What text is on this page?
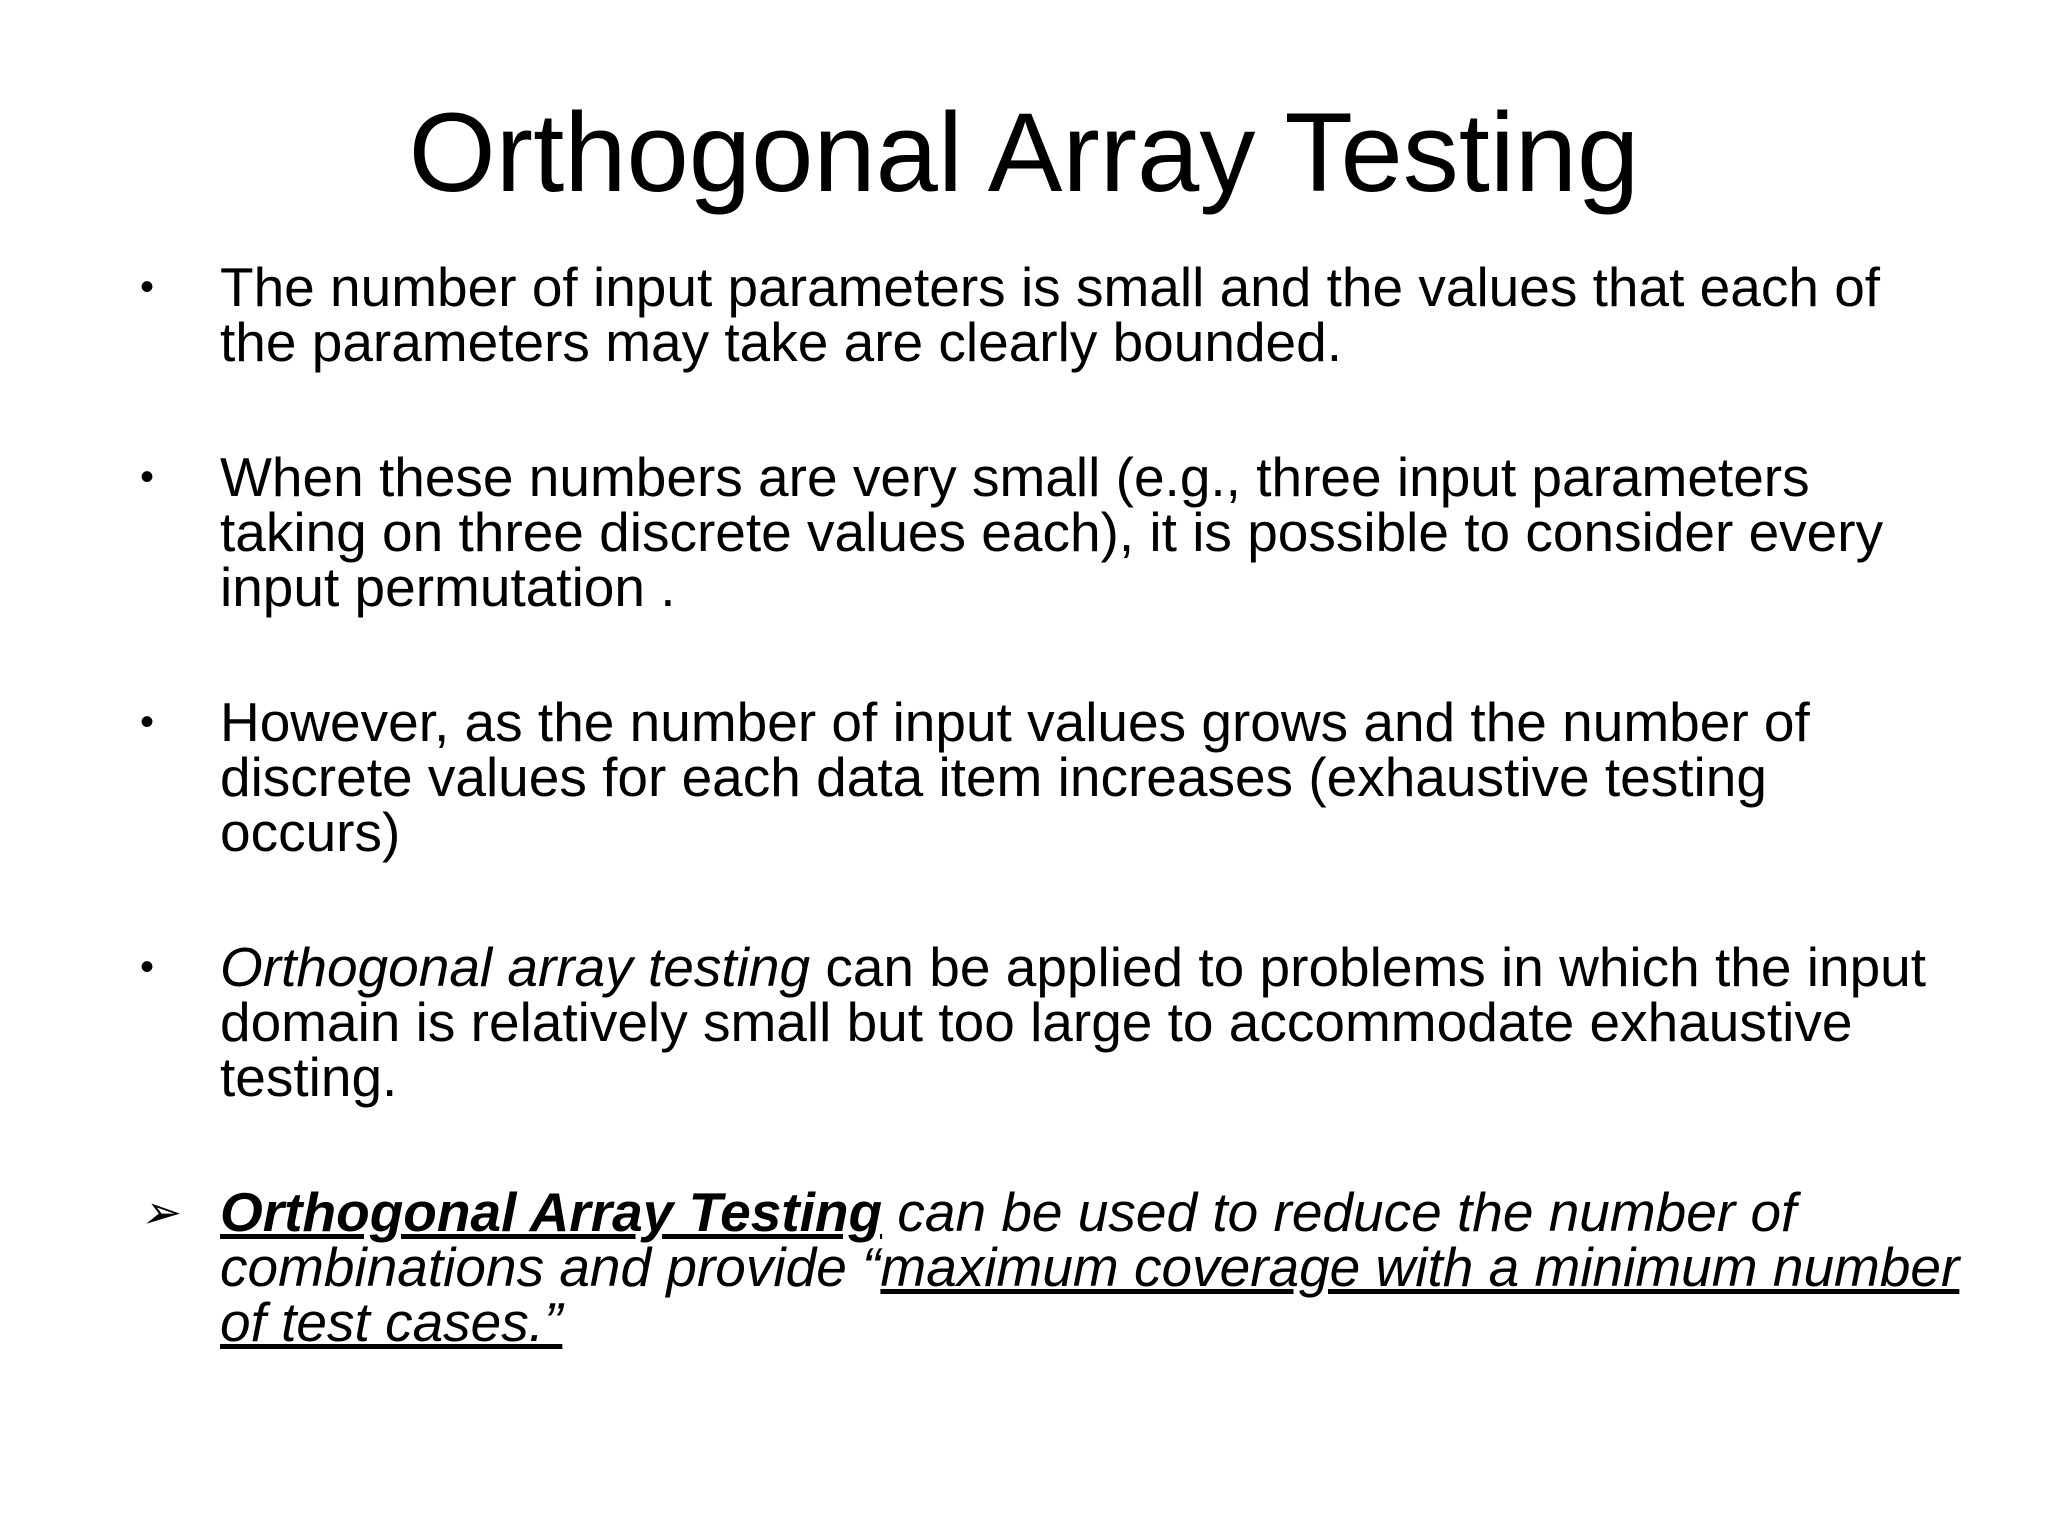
Orthogonal Array Testing
•	The number of input parameters is small and the values that each of the parameters may take are clearly bounded.
•	When these numbers are very small (e.g., three input parameters taking on three discrete values each), it is possible to consider every input permutation .
•	However, as the number of input values grows and the number of discrete values for each data item increases (exhaustive testing occurs)
•	Orthogonal array testing can be applied to problems in which the input domain is relatively small but too large to accommodate exhaustive testing.
➢ Orthogonal Array Testing can be used to reduce the number of combinations and provide “maximum coverage with a minimum number of test cases.”
